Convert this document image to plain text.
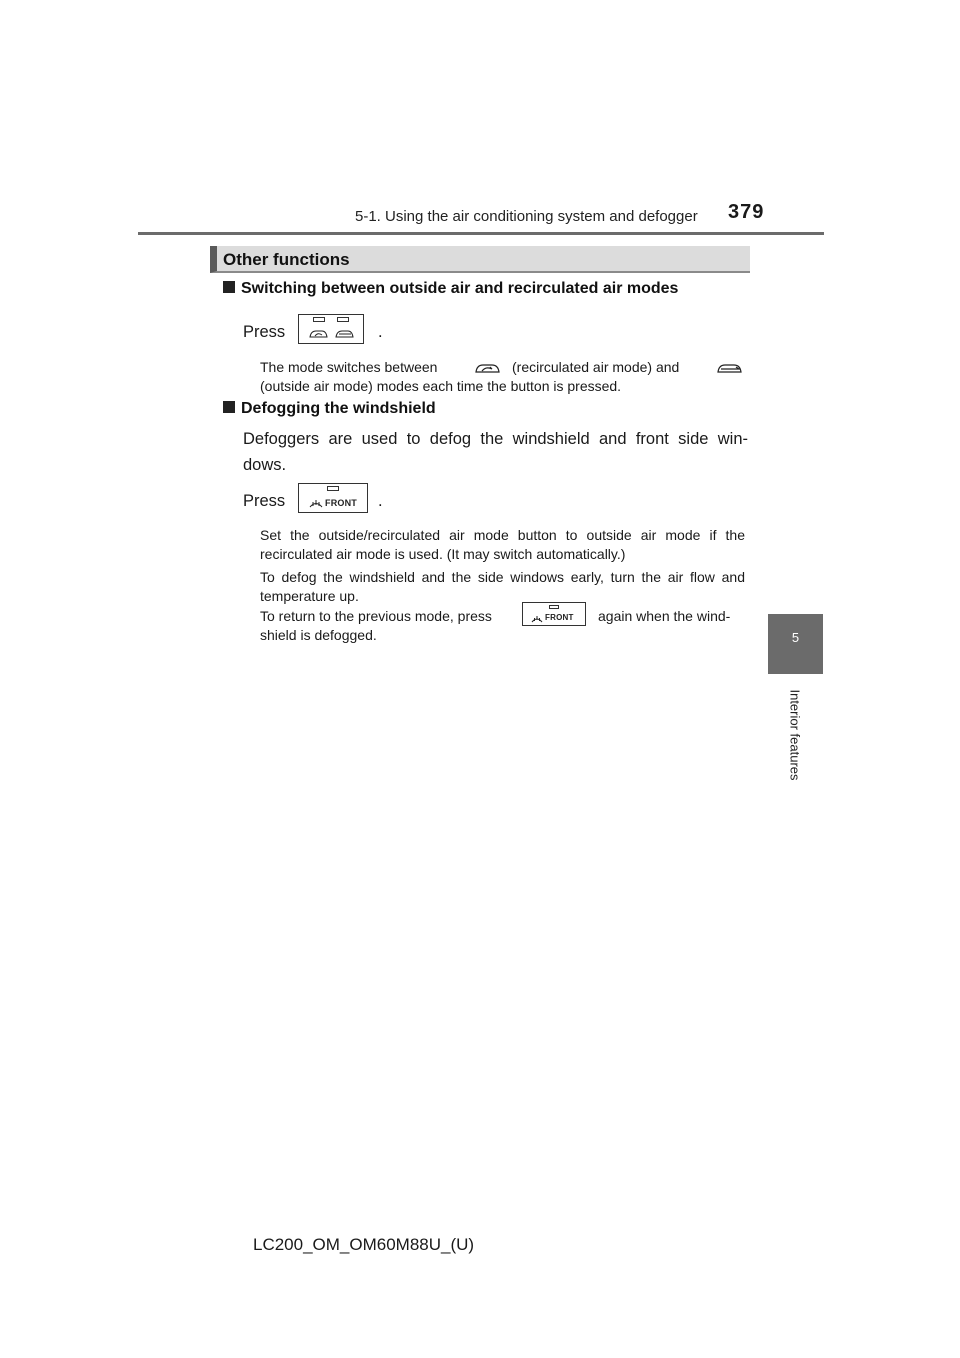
5-1. Using the air conditioning system and defogger 379
5
Interior features
Other functions
Switching between outside air and recirculated air modes
Press	.
The mode switches between	(recirculated air mode) and
(outside air mode) modes each time the button is pressed.
Defogging the windshield
Defoggers are used to defog the windshield and front side win-
dows.
Press	FRONT .
Set the outside/recirculated air mode button to outside air mode if the
recirculated air mode is used. (It may switch automatically.)
To defog the windshield and the side windows early, turn the air flow and
temperature up.
To return to the previous mode, press	FRONT again when the wind-
shield is defogged.
LC200_OM_OM60M88U_(U)
